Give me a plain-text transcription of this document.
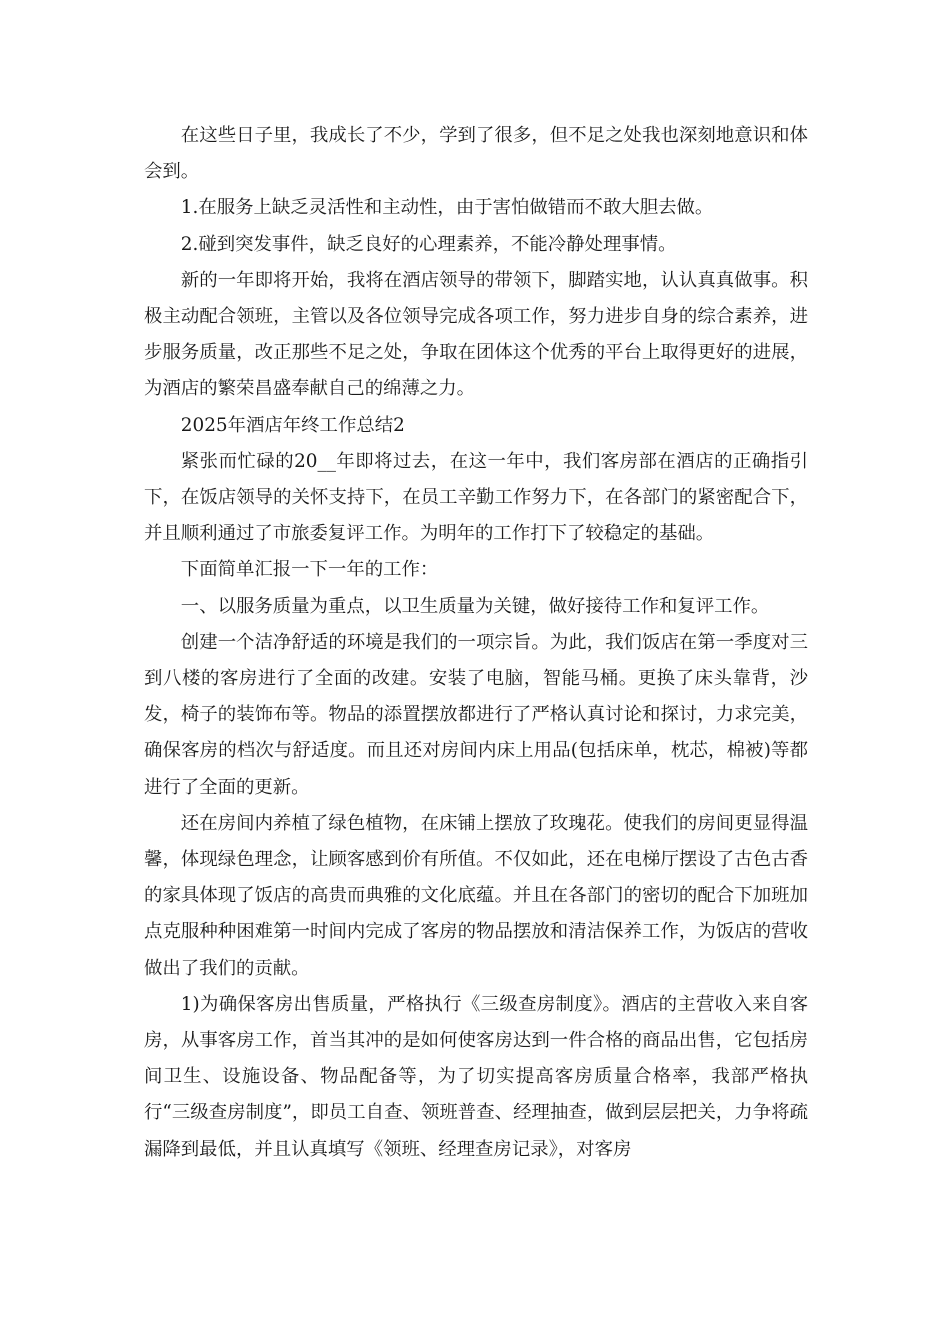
在这些日子里，我成长了不少，学到了很多，但不足之处我也深刻地意识和体会到。

1.在服务上缺乏灵活性和主动性，由于害怕做错而不敢大胆去做。

2.碰到突发事件，缺乏良好的心理素养，不能冷静处理事情。

新的一年即将开始，我将在酒店领导的带领下，脚踏实地，认认真真做事。积极主动配合领班，主管以及各位领导完成各项工作，努力进步自身的综合素养，进步服务质量，改正那些不足之处，争取在团体这个优秀的平台上取得更好的进展，为酒店的繁荣昌盛奉献自己的绵薄之力。

2025年酒店年终工作总结2

紧张而忙碌的20__年即将过去，在这一年中，我们客房部在酒店的正确指引下，在饭店领导的关怀支持下，在员工辛勤工作努力下，在各部门的紧密配合下，并且顺利通过了市旅委复评工作。为明年的工作打下了较稳定的基础。

下面简单汇报一下一年的工作：

一、以服务质量为重点，以卫生质量为关键，做好接待工作和复评工作。

创建一个洁净舒适的环境是我们的一项宗旨。为此，我们饭店在第一季度对三到八楼的客房进行了全面的改建。安装了电脑，智能马桶。更换了床头靠背，沙发，椅子的装饰布等。物品的添置摆放都进行了严格认真讨论和探讨，力求完美，确保客房的档次与舒适度。而且还对房间内床上用品(包括床单，枕芯，棉被)等都进行了全面的更新。

还在房间内养植了绿色植物，在床铺上摆放了玫瑰花。使我们的房间更显得温馨，体现绿色理念，让顾客感到价有所值。不仅如此，还在电梯厅摆设了古色古香的家具体现了饭店的高贵而典雅的文化底蕴。并且在各部门的密切的配合下加班加点克服种种困难第一时间内完成了客房的物品摆放和清洁保养工作，为饭店的营收做出了我们的贡献。

1)为确保客房出售质量，严格执行《三级查房制度》。酒店的主营收入来自客房，从事客房工作，首当其冲的是如何使客房达到一件合格的商品出售，它包括房间卫生、设施设备、物品配备等，为了切实提高客房质量合格率，我部严格执行“三级查房制度”，即员工自查、领班普查、经理抽查，做到层层把关，力争将疏漏降到最低，并且认真填写《领班、经理查房记录》，对客房
